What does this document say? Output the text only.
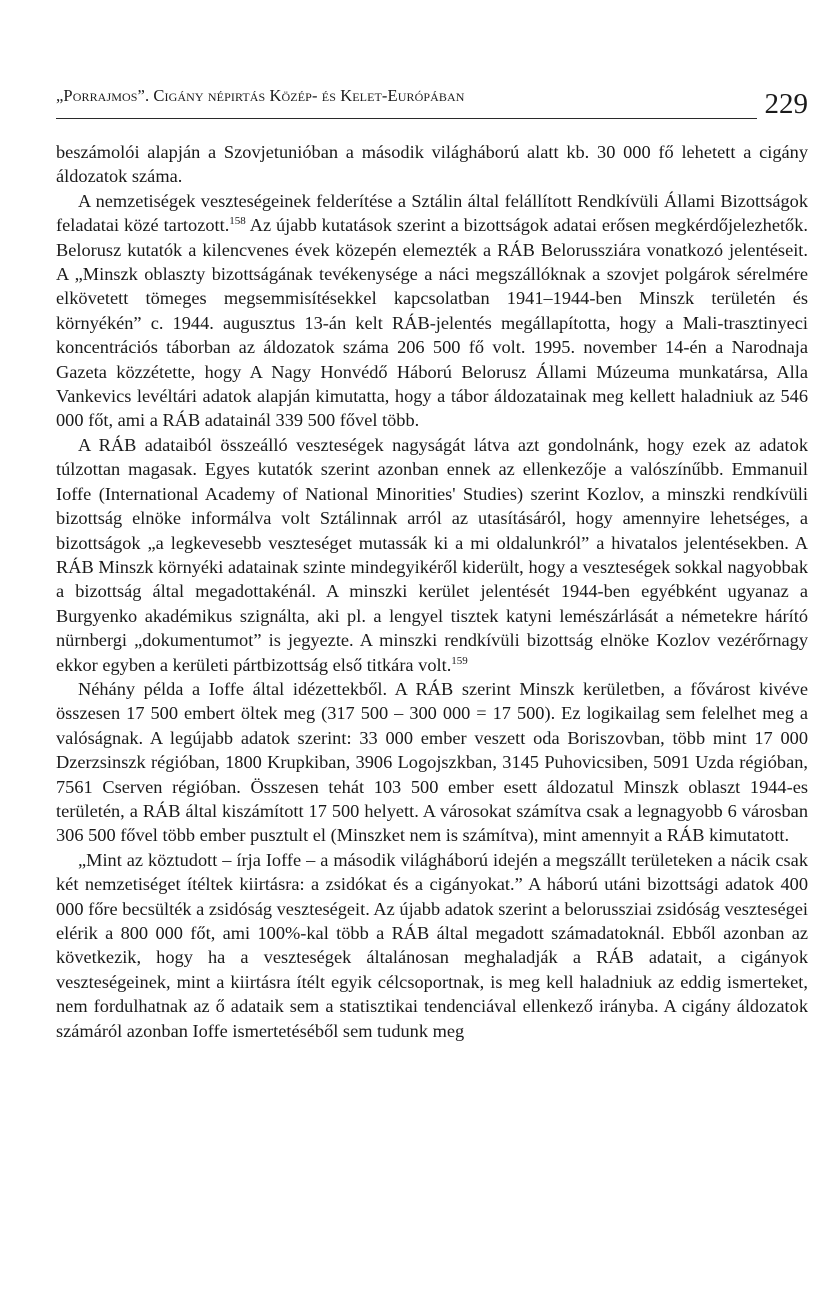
„Porrajmos”. Cigány népirtás Közép- és Kelet-Európában	229

beszámolói alapján a Szovjetunióban a második világháború alatt kb. 30 000 fő lehetett a cigány áldozatok száma.

A nemzetiségek veszteségeinek felderítése a Sztálin által felállított Rendkívüli Állami Bizottságok feladatai közé tartozott.$^{158}$ Az újabb kutatások szerint a bizottságok adatai erősen megkérdőjelezhetők. Belorusz kutatók a kilencvenes évek közepén elemezték a RÁB Belorussziára vonatkozó jelentéseit. A „Minszk oblaszty bizottságának tevékenysége a náci megszállóknak a szovjet polgárok sérelmére elkövetett tömeges megsemmisítésekkel kapcsolatban 1941–1944-ben Minszk területén és környékén” c. 1944. augusztus 13-án kelt RÁB-jelentés megállapította, hogy a Mali-trasztinyeci koncentrációs táborban az áldozatok száma 206 500 fő volt. 1995. november 14-én a Narodnaja Gazeta közzétette, hogy A Nagy Honvédő Háború Belorusz Állami Múzeuma munkatársa, Alla Vankevics levéltári adatok alapján kimutatta, hogy a tábor áldozatainak meg kellett haladniuk az 546 000 főt, ami a RÁB adatainál 339 500 fővel több.

A RÁB adataiból összeálló veszteségek nagyságát látva azt gondolnánk, hogy ezek az adatok túlzottan magasak. Egyes kutatók szerint azonban ennek az ellenkezője a valószínűbb. Emmanuil Ioffe (International Academy of National Minorities' Studies) szerint Kozlov, a minszki rendkívüli bizottság elnöke informálva volt Sztálinnak arról az utasításáról, hogy amennyire lehetséges, a bizottságok „a legkevesebb veszteséget mutassák ki a mi oldalunkról” a hivatalos jelentésekben. A RÁB Minszk környéki adatainak szinte mindegyikéről kiderült, hogy a veszteségek sokkal nagyobbak a bizottság által megadottakénál. A minszki kerület jelentését 1944-ben egyébként ugyanaz a Burgyenko akadémikus szignálta, aki pl. a lengyel tisztek katyni lemészárlását a németekre hárító nürnbergi „dokumentumot” is jegyezte. A minszki rendkívüli bizottság elnöke Kozlov vezérőrnagy ekkor egyben a kerületi pártbizottság első titkára volt.$^{159}$

Néhány példa a Ioffe által idézettekből. A RÁB szerint Minszk kerületben, a fővárost kivéve összesen 17 500 embert öltek meg (317 500 – 300 000 = 17 500). Ez logikailag sem felelhet meg a valóságnak. A legújabb adatok szerint: 33 000 ember veszett oda Boriszovban, több mint 17 000 Dzerzsinszk régióban, 1800 Krupkiban, 3906 Logojszkban, 3145 Puhovicsiben, 5091 Uzda régióban, 7561 Cserven régióban. Összesen tehát 103 500 ember esett áldozatul Minszk oblaszt 1944-es területén, a RÁB által kiszámított 17 500 helyett. A városokat számítva csak a legnagyobb 6 városban 306 500 fővel több ember pusztult el (Minszket nem is számítva), mint amennyit a RÁB kimutatott.

„Mint az köztudott – írja Ioffe – a második világháború idején a megszállt területeken a nácik csak két nemzetiséget ítéltek kiirtásra: a zsidókat és a cigányokat.” A háború utáni bizottsági adatok 400 000 főre becsülték a zsidóság veszteségeit. Az újabb adatok szerint a belorussziai zsidóság veszteségei elérik a 800 000 főt, ami 100%-kal több a RÁB által megadott számadatoknál. Ebből azonban az következik, hogy ha a veszteségek általánosan meghaladják a RÁB adatait, a cigányok veszteségeinek, mint a kiirtásra ítélt egyik célcsoportnak, is meg kell haladniuk az eddig ismerteket, nem fordulhatnak az ő adataik sem a statisztikai tendenciával ellenkező irányba. A cigány áldozatok számáról azonban Ioffe ismertetéséből sem tudunk meg
